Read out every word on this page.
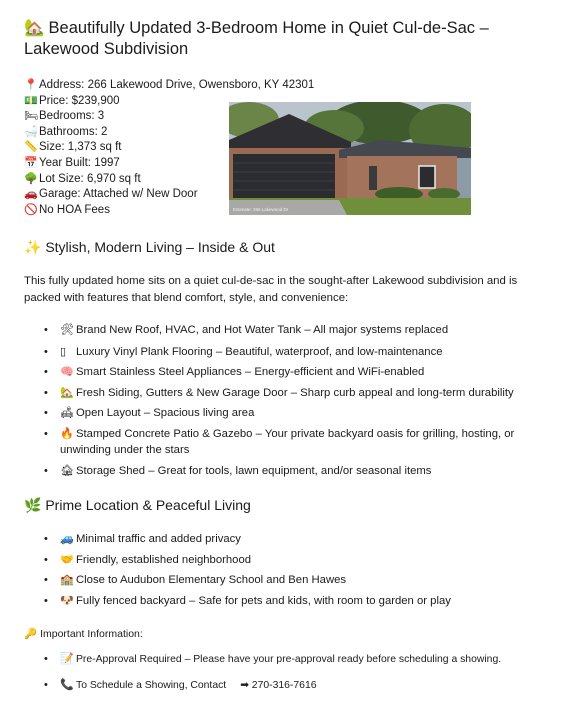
🏡 Beautifully Updated 3-Bedroom Home in Quiet Cul-de-Sac – Lakewood Subdivision
📍Address: 266 Lakewood Drive, Owensboro, KY 42301
💵Price: $239,900
🛏Bedrooms: 3
🛁Bathrooms: 2
📏Size: 1,373 sq ft
📅Year Built: 1997
🌳Lot Size: 6,970 sq ft
🚗Garage: Attached w/ New Door
🚫No HOA Fees	Estimate: 266 Lakewood Dr
✨ Stylish, Modern Living – Inside & Out

This fully updated home sits on a quiet cul-de-sac in the sought-after Lakewood subdivision and is packed with features that blend comfort, style, and convenience:

• 🛠 Brand New Roof, HVAC, and Hot Water Tank – All major systems replaced
• ▯ Luxury Vinyl Plank Flooring – Beautiful, waterproof, and low-maintenance
• 🧠 Smart Stainless Steel Appliances – Energy-efficient and WiFi-enabled
• 🏡 Fresh Siding, Gutters & New Garage Door – Sharp curb appeal and long-term durability
• 🛋 Open Layout – Spacious living area
• 🔥 Stamped Concrete Patio & Gazebo – Your private backyard oasis for grilling, hosting, or unwinding under the stars
• 🏚 Storage Shed – Great for tools, lawn equipment, and/or seasonal items
🌿 Prime Location & Peaceful Living
• 🚙 Minimal traffic and added privacy
• 🤝 Friendly, established neighborhood
• 🏫 Close to Audubon Elementary School and Ben Hawes
• 🐶 Fully fenced backyard – Safe for pets and kids, with room to garden or play
🔑 Important Information:
• 📝 Pre-Approval Required – Please have your pre-approval ready before scheduling a showing.
• 📞 To Schedule a Showing, Contact ➡ 270-316-7616
